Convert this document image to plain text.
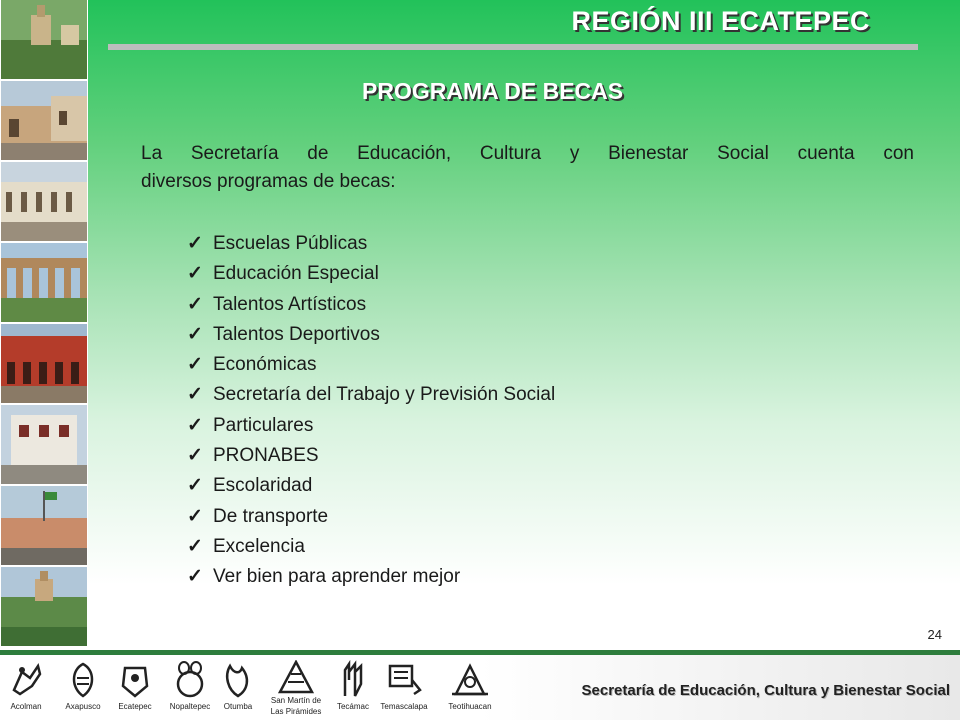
REGIÓN III ECATEPEC
PROGRAMA DE BECAS
La Secretaría de Educación, Cultura y Bienestar Social cuenta con
diversos programas de becas:
✓ Escuelas Públicas
✓ Educación Especial
✓ Talentos Artísticos
✓ Talentos Deportivos
✓ Económicas
✓ Secretaría del Trabajo y Previsión Social
✓ Particulares
✓ PRONABES
✓ Escolaridad
✓ De transporte
✓ Excelencia
✓ Ver bien para aprender mejor
24
Acolman	Axapusco	Ecatepec	Nopaltepec	Otumba
San Martín de
Las Pirámides
Tecámac	Temascalapa	Teotihuacan
Secretaría de Educación, Cultura y Bienestar Social
